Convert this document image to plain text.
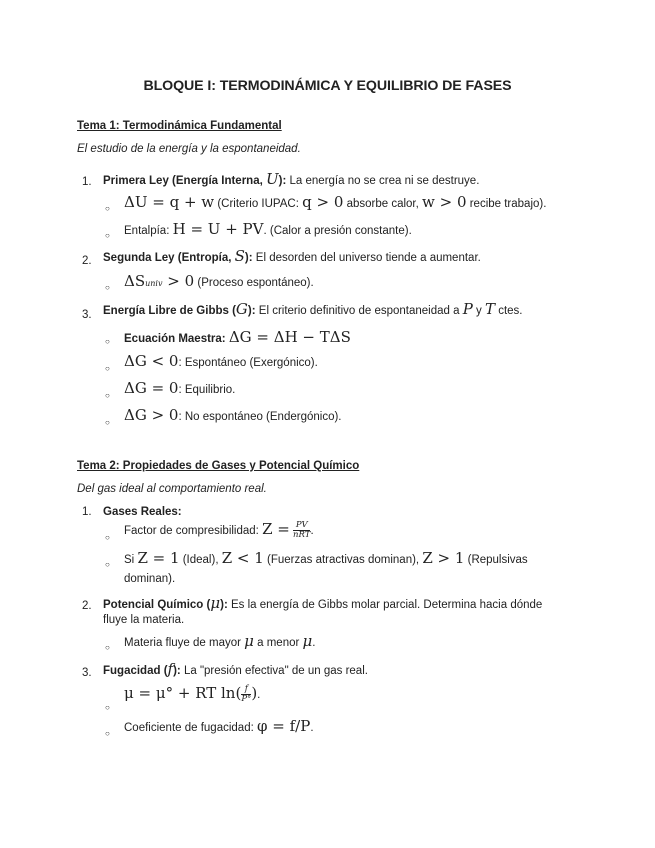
BLOQUE I: TERMODINÁMICA Y EQUILIBRIO DE FASES
Tema 1: Termodinámica Fundamental
El estudio de la energía y la espontaneidad.
1. Primera Ley (Energía Interna, U): La energía no se crea ni se destruye.
○ ΔU = q + w (Criterio IUPAC: q > 0 absorbe calor, w > 0 recibe trabajo).
○ Entalpía: H = U + PV. (Calor a presión constante).
2. Segunda Ley (Entropía, S): El desorden del universo tiende a aumentar.
○ ΔSuniv > 0 (Proceso espontáneo).
3. Energía Libre de Gibbs (G): El criterio definitivo de espontaneidad a P y T ctes.
○ Ecuación Maestra: ΔG = ΔH − TΔS
○ ΔG < 0: Espontáneo (Exergónico).
○ ΔG = 0: Equilibrio.
○ ΔG > 0: No espontáneo (Endergónico).
Tema 2: Propiedades de Gases y Potencial Químico
Del gas ideal al comportamiento real.
1. Gases Reales:
○
Factor de compresibilidad: $Z = \frac{PV}{\text{nRT}}$ .
○ Si Z = 1 (Ideal), Z < 1 (Fuerzas atractivas dominan), Z > 1 (Repulsivas
dominan).
2. Potencial Químico (μ): Es la energía de Gibbs molar parcial. Determina hacia dónde
fluye la materia.
○ Materia fluye de mayor μ a menor μ.
3. Fugacidad (f): La "presión efectiva" de un gas real.
○
μ = μ° + RT $\ln( \frac{f}{P^\circ}$ ).
○ Coeficiente de fugacidad: φ = f/P.
